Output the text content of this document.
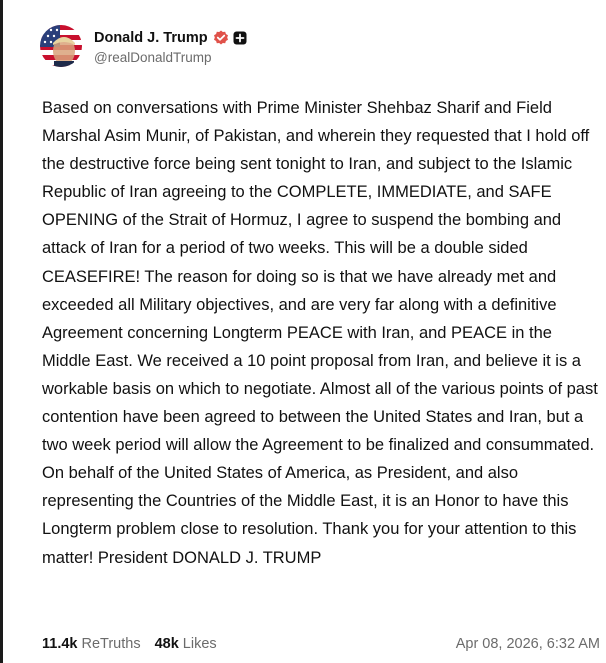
Donald J. Trump
@realDonaldTrump

Based on conversations with Prime Minister Shehbaz Sharif and Field Marshal Asim Munir, of Pakistan, and wherein they requested that I hold off the destructive force being sent tonight to Iran, and subject to the Islamic Republic of Iran agreeing to the COMPLETE, IMMEDIATE, and SAFE OPENING of the Strait of Hormuz, I agree to suspend the bombing and attack of Iran for a period of two weeks. This will be a double sided CEASEFIRE! The reason for doing so is that we have already met and exceeded all Military objectives, and are very far along with a definitive Agreement concerning Longterm PEACE with Iran, and PEACE in the Middle East. We received a 10 point proposal from Iran, and believe it is a workable basis on which to negotiate. Almost all of the various points of past contention have been agreed to between the United States and Iran, but a two week period will allow the Agreement to be finalized and consummated. On behalf of the United States of America, as President, and also representing the Countries of the Middle East, it is an Honor to have this Longterm problem close to resolution. Thank you for your attention to this matter! President DONALD J. TRUMP

11.4k ReTruths 48k Likes	Apr 08, 2026, 6:32 AM
